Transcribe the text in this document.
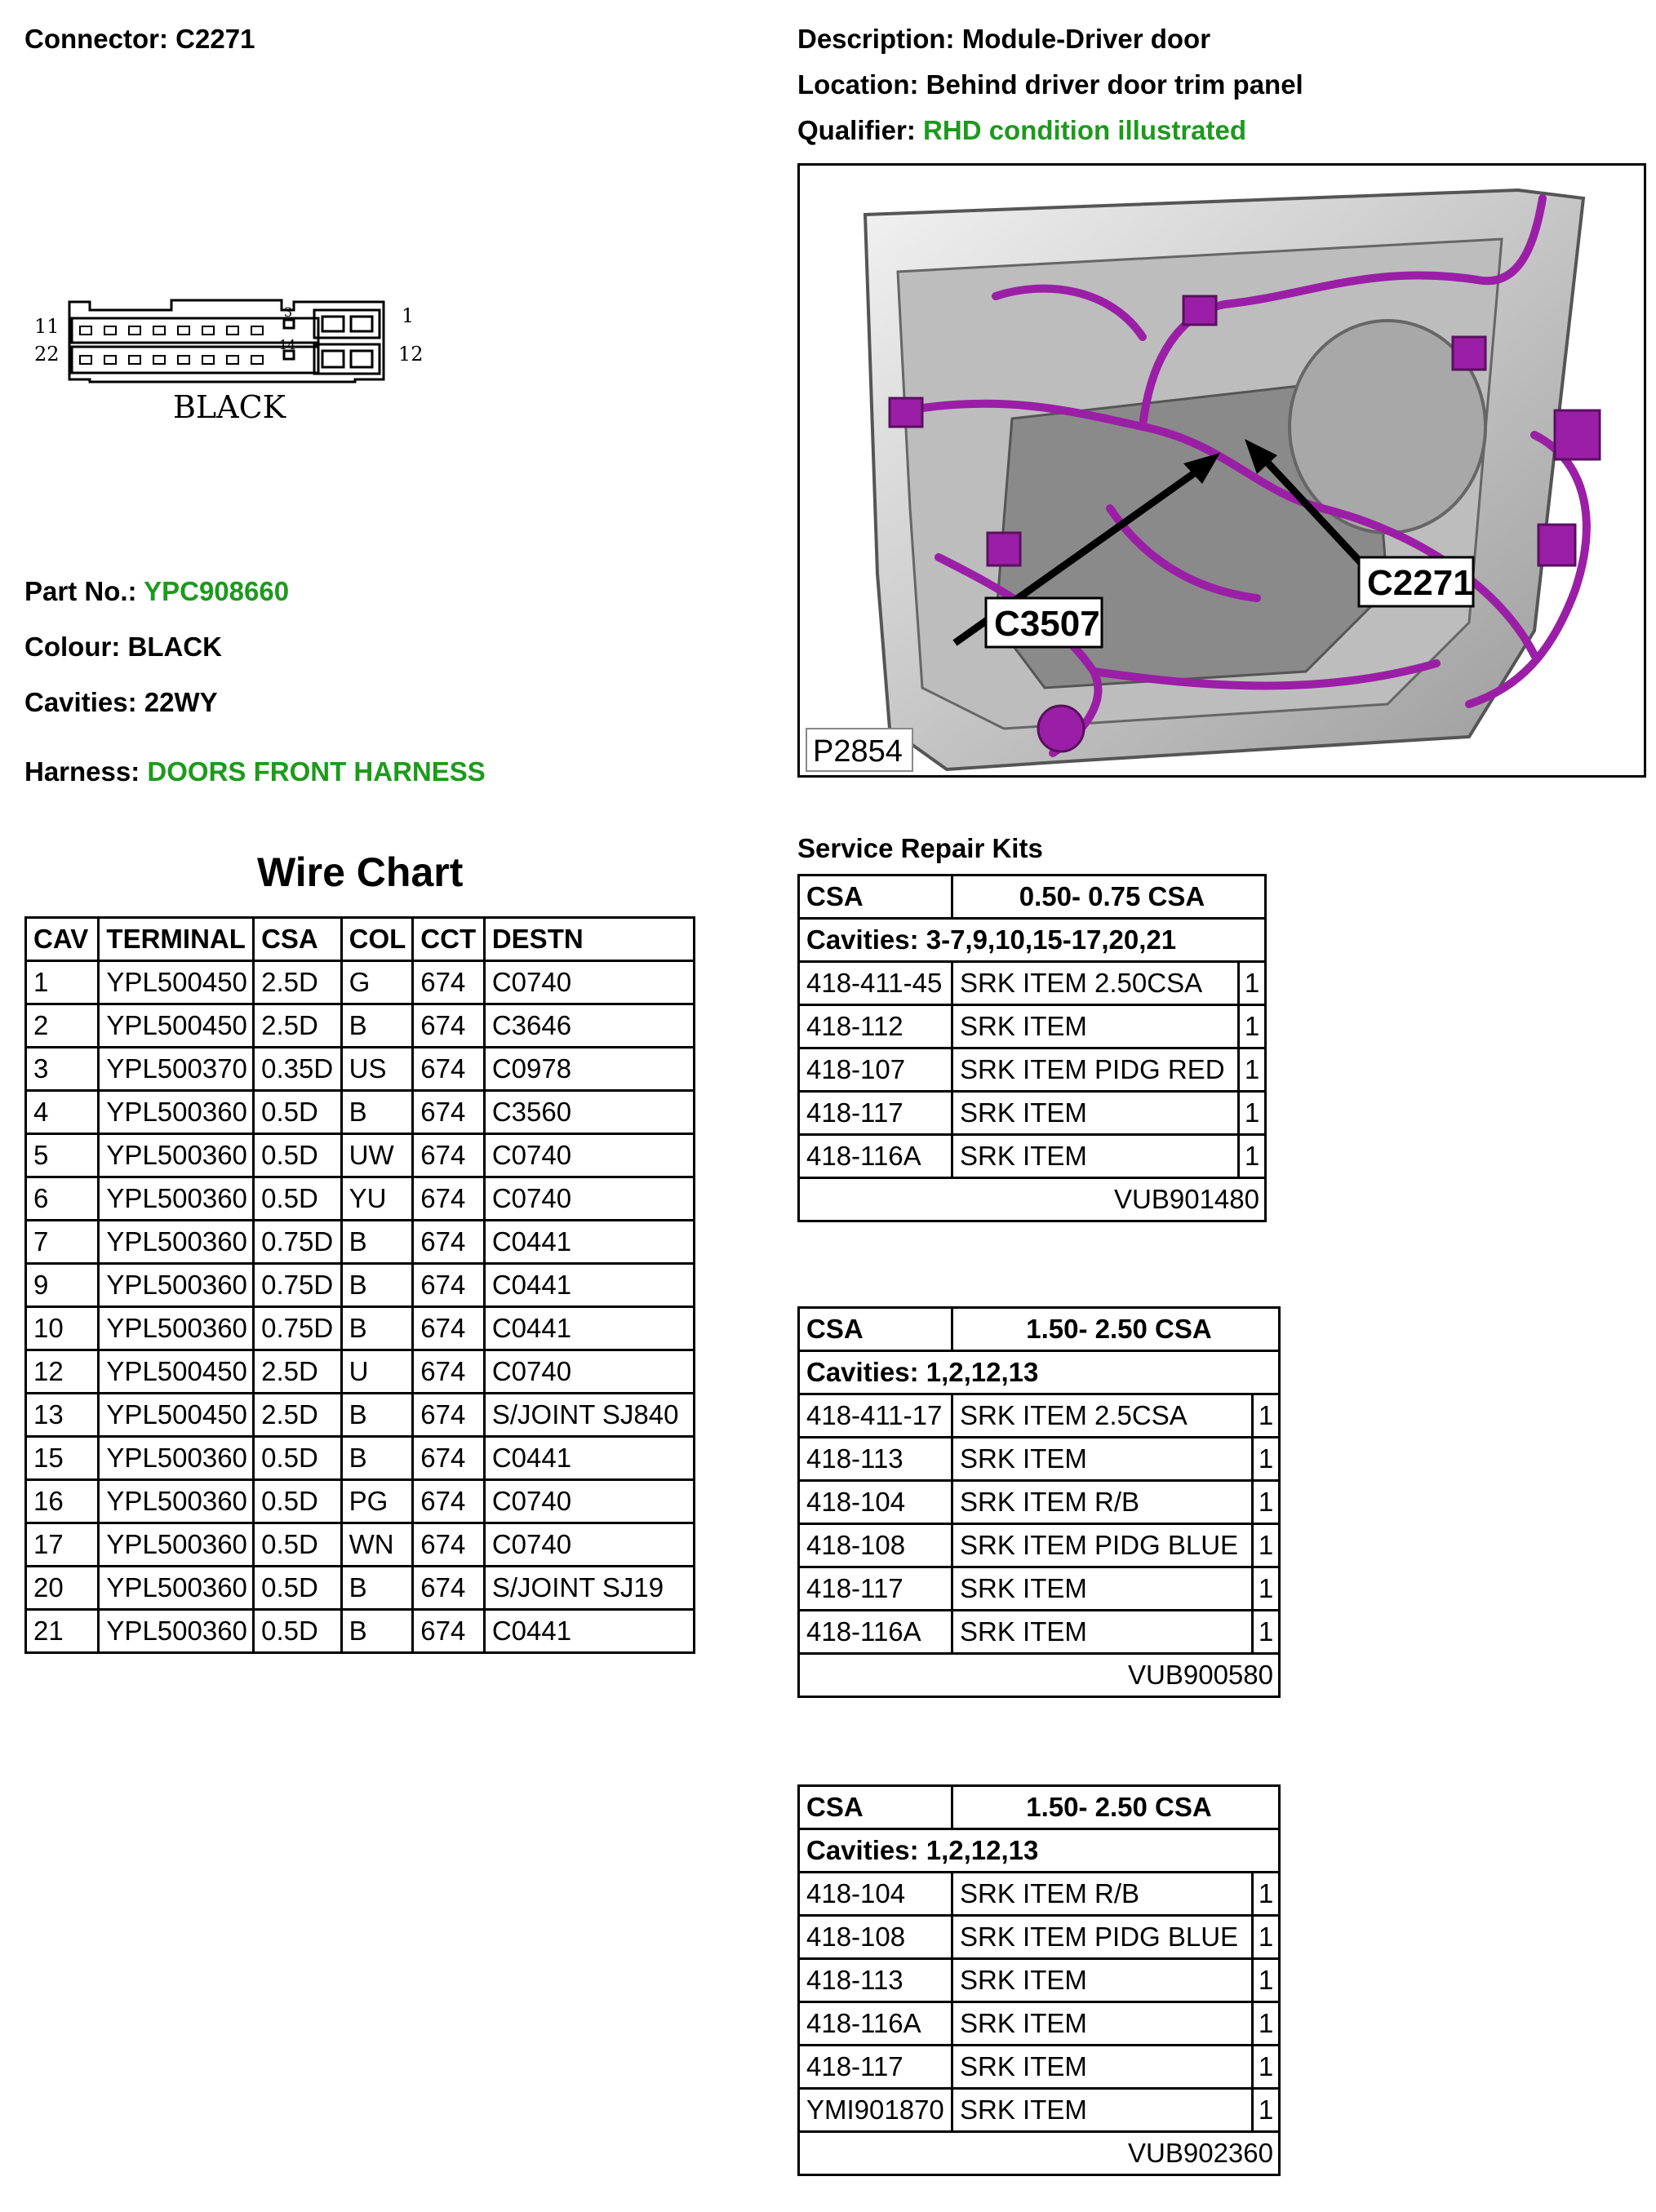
Connector: C2271	Description: Module-Driver door
Location: Behind driver door trim panel
Qualifier: RHD condition illustrated
11
22
1
12
3
14
BLACK
Part No.: YPC908660
Colour: BLACK
Cavities: 22WY
Harness: DOORS FRONT HARNESS
C3507
C2271
P2854
Wire Chart
CAV	TERMINAL	CSA	COL	CCT	DESTN
1	YPL500450	2.5D	G	674	C0740
2	YPL500450	2.5D	B	674	C3646
3	YPL500370	0.35D	US	674	C0978
4	YPL500360	0.5D	B	674	C3560
5	YPL500360	0.5D	UW	674	C0740
6	YPL500360	0.5D	YU	674	C0740
7	YPL500360	0.75D	B	674	C0441
9	YPL500360	0.75D	B	674	C0441
10	YPL500360	0.75D	B	674	C0441
12	YPL500450	2.5D	U	674	C0740
13	YPL500450	2.5D	B	674	S/JOINT SJ840
15	YPL500360	0.5D	B	674	C0441
16	YPL500360	0.5D	PG	674	C0740
17	YPL500360	0.5D	WN	674	C0740
20	YPL500360	0.5D	B	674	S/JOINT SJ19
21	YPL500360	0.5D	B	674	C0441
Service Repair Kits
CSA	0.50- 0.75 CSA	
Cavities: 3-7,9,10,15-17,20,21		
418-411-45	SRK ITEM 2.50CSA	1
418-112	SRK ITEM	1
418-107	SRK ITEM PIDG RED	1
418-117	SRK ITEM	1
418-116A	SRK ITEM	1
VUB901480		
CSA	1.50- 2.50 CSA	
Cavities: 1,2,12,13		
418-411-17	SRK ITEM 2.5CSA	1
418-113	SRK ITEM	1
418-104	SRK ITEM R/B	1
418-108	SRK ITEM PIDG BLUE	1
418-117	SRK ITEM	1
418-116A	SRK ITEM	1
VUB900580		
CSA	1.50- 2.50 CSA	
Cavities: 1,2,12,13		
418-104	SRK ITEM R/B	1
418-108	SRK ITEM PIDG BLUE	1
418-113	SRK ITEM	1
418-116A	SRK ITEM	1
418-117	SRK ITEM	1
YMI901870	SRK ITEM	1
VUB902360		
